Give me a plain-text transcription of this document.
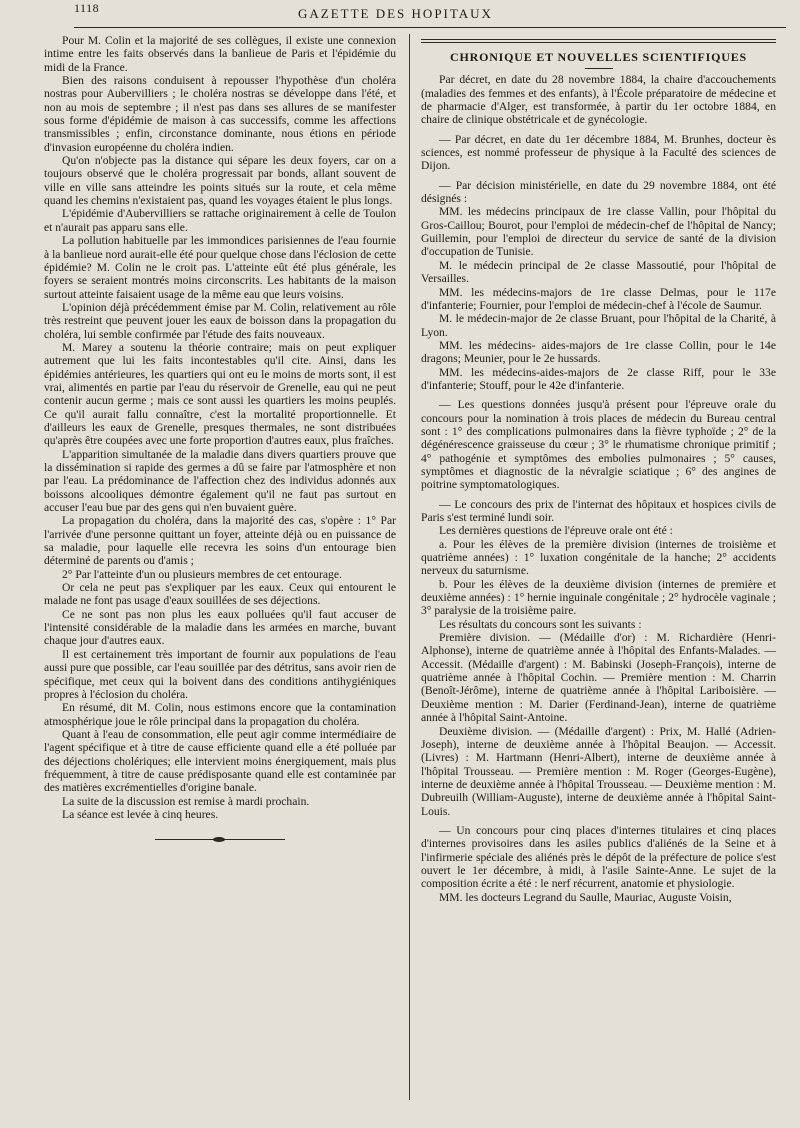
1118	GAZETTE DES HOPITAUX

Pour M. Colin et la majorité de ses collègues, il existe une connexion intime entre les faits observés dans la banlieue de Paris et l'épidémie du midi de la France.

Bien des raisons conduisent à repousser l'hypothèse d'un choléra nostras pour Aubervilliers ; le choléra nostras se développe dans l'été, et non au mois de septembre ; il n'est pas dans ses allures de se manifester sous forme d'épidémie de maison à cas successifs, comme les affections transmissibles ; enfin, circonstance dominante, nous étions en période d'invasion européenne du choléra indien.

Qu'on n'objecte pas la distance qui sépare les deux foyers, car on a toujours observé que le choléra progressait par bonds, allant souvent de ville en ville sans atteindre les points situés sur la route, et cela même quand les chemins n'existaient pas, quand les voyages étaient le plus longs.

L'épidémie d'Aubervilliers se rattache originairement à celle de Toulon et n'aurait pas apparu sans elle.

La pollution habituelle par les immondices parisiennes de l'eau fournie à la banlieue nord aurait-elle été pour quelque chose dans l'éclosion de cette épidémie? M. Colin ne le croit pas. L'atteinte eût été plus générale, les foyers se seraient montrés moins circonscrits. Les habitants de la maison surtout atteinte faisaient usage de la même eau que leurs voisins.

L'opinion déjà précédemment émise par M. Colin, relativement au rôle très restreint que peuvent jouer les eaux de boisson dans la propagation du choléra, lui semble confirmée par l'étude des faits nouveaux.

M. Marey a soutenu la théorie contraire; mais on peut expliquer autrement que lui les faits incontestables qu'il cite. Ainsi, dans les épidémies antérieures, les quartiers qui ont eu le moins de morts sont, il est vrai, alimentés en partie par l'eau du réservoir de Grenelle, eau qui ne peut contenir aucun germe ; mais ce sont aussi les quartiers les moins peuplés. Ce qu'il aurait fallu connaître, c'est la mortalité proportionnelle. Et d'ailleurs les eaux de Grenelle, presques thermales, ne sont distribuées qu'après être coupées avec une forte proportion d'autres eaux, plus fraîches.

L'apparition simultanée de la maladie dans divers quartiers prouve que la dissémination si rapide des germes a dû se faire par l'atmosphère et non par l'eau. La prédominance de l'affection chez des individus adonnés aux boissons alcooliques démontre également qu'il ne faut pas surtout en accuser l'eau bue par des gens qui n'en buvaient guère.

La propagation du choléra, dans la majorité des cas, s'opère : 1° Par l'arrivée d'une personne quittant un foyer, atteinte déjà ou en puissance de sa maladie, pour laquelle elle recevra les soins d'un entourage bien déterminé de parents ou d'amis ;

2° Par l'atteinte d'un ou plusieurs membres de cet entourage.

Or cela ne peut pas s'expliquer par les eaux. Ceux qui entourent le malade ne font pas usage d'eaux souillées de ses déjections.

Ce ne sont pas non plus les eaux polluées qu'il faut accuser de l'intensité considérable de la maladie dans les armées en marche, buvant chaque jour d'autres eaux.

Il est certainement très important de fournir aux populations de l'eau aussi pure que possible, car l'eau souillée par des détritus, sans avoir rien de spécifique, met ceux qui la boivent dans des conditions antihygiéniques propres à l'éclosion du choléra.

En résumé, dit M. Colin, nous estimons encore que la contamination atmosphérique joue le rôle principal dans la propagation du choléra.

Quant à l'eau de consommation, elle peut agir comme intermédiaire de l'agent spécifique et à titre de cause efficiente quand elle a été polluée par des déjections cholériques; elle intervient moins énergiquement, mais plus fréquemment, à titre de cause prédisposante quand elle est contaminée par des matières excrémentielles d'origine banale.

La suite de la discussion est remise à mardi prochain.

La séance est levée à cinq heures.

CHRONIQUE ET NOUVELLES SCIENTIFIQUES

Par décret, en date du 28 novembre 1884, la chaire d'accouchements (maladies des femmes et des enfants), à l'École préparatoire de médecine et de pharmacie d'Alger, est transformée, à partir du 1er octobre 1884, en chaire de clinique obstétricale et de gynécologie.

— Par décret, en date du 1er décembre 1884, M. Brunhes, docteur ès sciences, est nommé professeur de physique à la Faculté des sciences de Dijon.

— Par décision ministérielle, en date du 29 novembre 1884, ont été désignés :

MM. les médecins principaux de 1re classe Vallin, pour l'hôpital du Gros-Caillou; Bourot, pour l'emploi de médecin-chef de l'hôpital de Nancy; Guillemin, pour l'emploi de directeur du service de santé de la division d'occupation de Tunisie.

M. le médecin principal de 2e classe Massoutié, pour l'hôpital de Versailles.

MM. les médecins-majors de 1re classe Delmas, pour le 117e d'infanterie; Fournier, pour l'emploi de médecin-chef à l'école de Saumur.

M. le médecin-major de 2e classe Bruant, pour l'hôpital de la Charité, à Lyon.

MM. les médecins- aides-majors de 1re classe Collin, pour le 14e dragons; Meunier, pour le 2e hussards.

MM. les médecins-aides-majors de 2e classe Riff, pour le 33e d'infanterie; Stouff, pour le 42e d'infanterie.

— Les questions données jusqu'à présent pour l'épreuve orale du concours pour la nomination à trois places de médecin du Bureau central sont : 1° des complications pulmonaires dans la fièvre typhoïde ; 2° de la dégénérescence graisseuse du cœur ; 3° le rhumatisme chronique primitif ; 4° pathogénie et symptômes des embolies pulmonaires ; 5° causes, symptômes et diagnostic de la névralgie sciatique ; 6° des angines de poitrine symptomatologiques.

— Le concours des prix de l'internat des hôpitaux et hospices civils de Paris s'est terminé lundi soir.

Les dernières questions de l'épreuve orale ont été :

a. Pour les élèves de la première division (internes de troisième et quatrième années) : 1° luxation congénitale de la hanche; 2° accidents nerveux du saturnisme.

b. Pour les élèves de la deuxième division (internes de première et deuxième années) : 1° hernie inguinale congénitale ; 2° hydrocèle vaginale ; 3° paralysie de la troisième paire.

Les résultats du concours sont les suivants :

Première division. — (Médaille d'or) : M. Richardière (Henri-Alphonse), interne de quatrième année à l'hôpital des Enfants-Malades. — Accessit. (Médaille d'argent) : M. Babinski (Joseph-François), interne de quatrième année à l'hôpital Cochin. — Première mention : M. Charrin (Benoît-Jérôme), interne de quatrième année à l'hôpital Lariboisière. — Deuxième mention : M. Darier (Ferdinand-Jean), interne de quatrième année à l'hôpital Saint-Antoine.

Deuxième division. — (Médaille d'argent) : Prix, M. Hallé (Adrien-Joseph), interne de deuxième année à l'hôpital Beaujon. — Accessit. (Livres) : M. Hartmann (Henri-Albert), interne de deuxième année à l'hôpital Trousseau. — Première mention : M. Roger (Georges-Eugène), interne de deuxième année à l'hôpital Trousseau. — Deuxième mention : M. Dubreuilh (William-Auguste), interne de deuxième année à l'hôpital Saint-Louis.

— Un concours pour cinq places d'internes titulaires et cinq places d'internes provisoires dans les asiles publics d'aliénés de la Seine et à l'infirmerie spéciale des aliénés près le dépôt de la préfecture de police s'est ouvert le 1er décembre, à midi, à l'asile Sainte-Anne. Le sujet de la composition écrite a été : le nerf récurrent, anatomie et physiologie.

MM. les docteurs Legrand du Saulle, Mauriac, Auguste Voisin,
